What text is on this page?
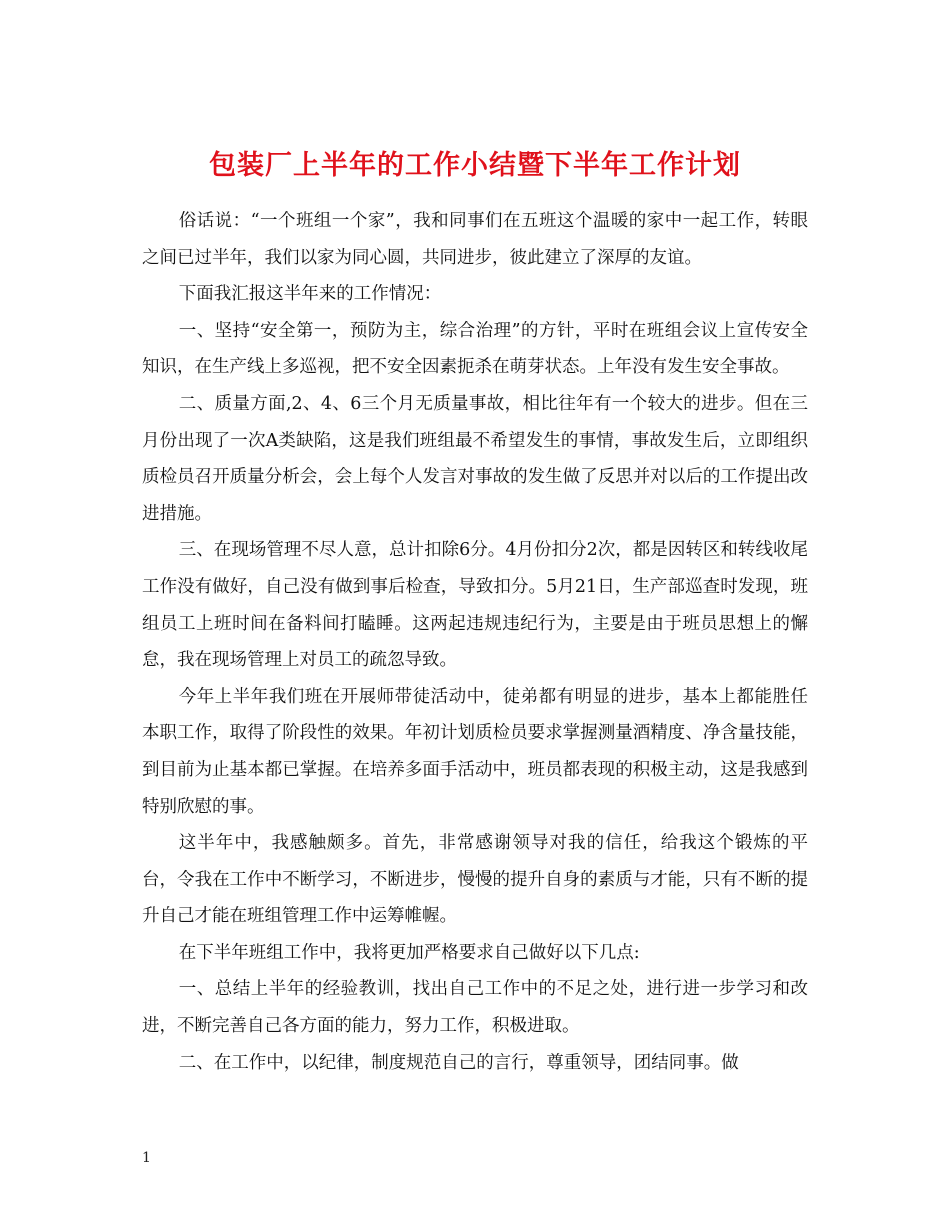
包装厂上半年的工作小结暨下半年工作计划

俗话说：“一个班组一个家”，我和同事们在五班这个温暖的家中一起工作，转眼之间已过半年，我们以家为同心圆，共同进步，彼此建立了深厚的友谊。

下面我汇报这半年来的工作情况：

一、坚持“安全第一，预防为主，综合治理”的方针，平时在班组会议上宣传安全知识，在生产线上多巡视，把不安全因素扼杀在萌芽状态。上年没有发生安全事故。

二、质量方面,2、4、6三个月无质量事故，相比往年有一个较大的进步。但在三月份出现了一次A类缺陷，这是我们班组最不希望发生的事情，事故发生后，立即组织质检员召开质量分析会，会上每个人发言对事故的发生做了反思并对以后的工作提出改进措施。

三、在现场管理不尽人意，总计扣除6分。4月份扣分2次，都是因转区和转线收尾工作没有做好，自己没有做到事后检查，导致扣分。5月21日，生产部巡查时发现，班组员工上班时间在备料间打瞌睡。这两起违规违纪行为，主要是由于班员思想上的懈怠，我在现场管理上对员工的疏忽导致。

今年上半年我们班在开展师带徒活动中，徒弟都有明显的进步，基本上都能胜任本职工作，取得了阶段性的效果。年初计划质检员要求掌握测量酒精度、净含量技能，到目前为止基本都已掌握。在培养多面手活动中，班员都表现的积极主动，这是我感到特别欣慰的事。

这半年中，我感触颇多。首先，非常感谢领导对我的信任，给我这个锻炼的平台，令我在工作中不断学习，不断进步，慢慢的提升自身的素质与才能，只有不断的提升自己才能在班组管理工作中运筹帷幄。

在下半年班组工作中，我将更加严格要求自己做好以下几点:

一、总结上半年的经验教训，找出自己工作中的不足之处，进行进一步学习和改进，不断完善自己各方面的能力，努力工作，积极进取。

二、在工作中，以纪律，制度规范自己的言行，尊重领导，团结同事。做

1
